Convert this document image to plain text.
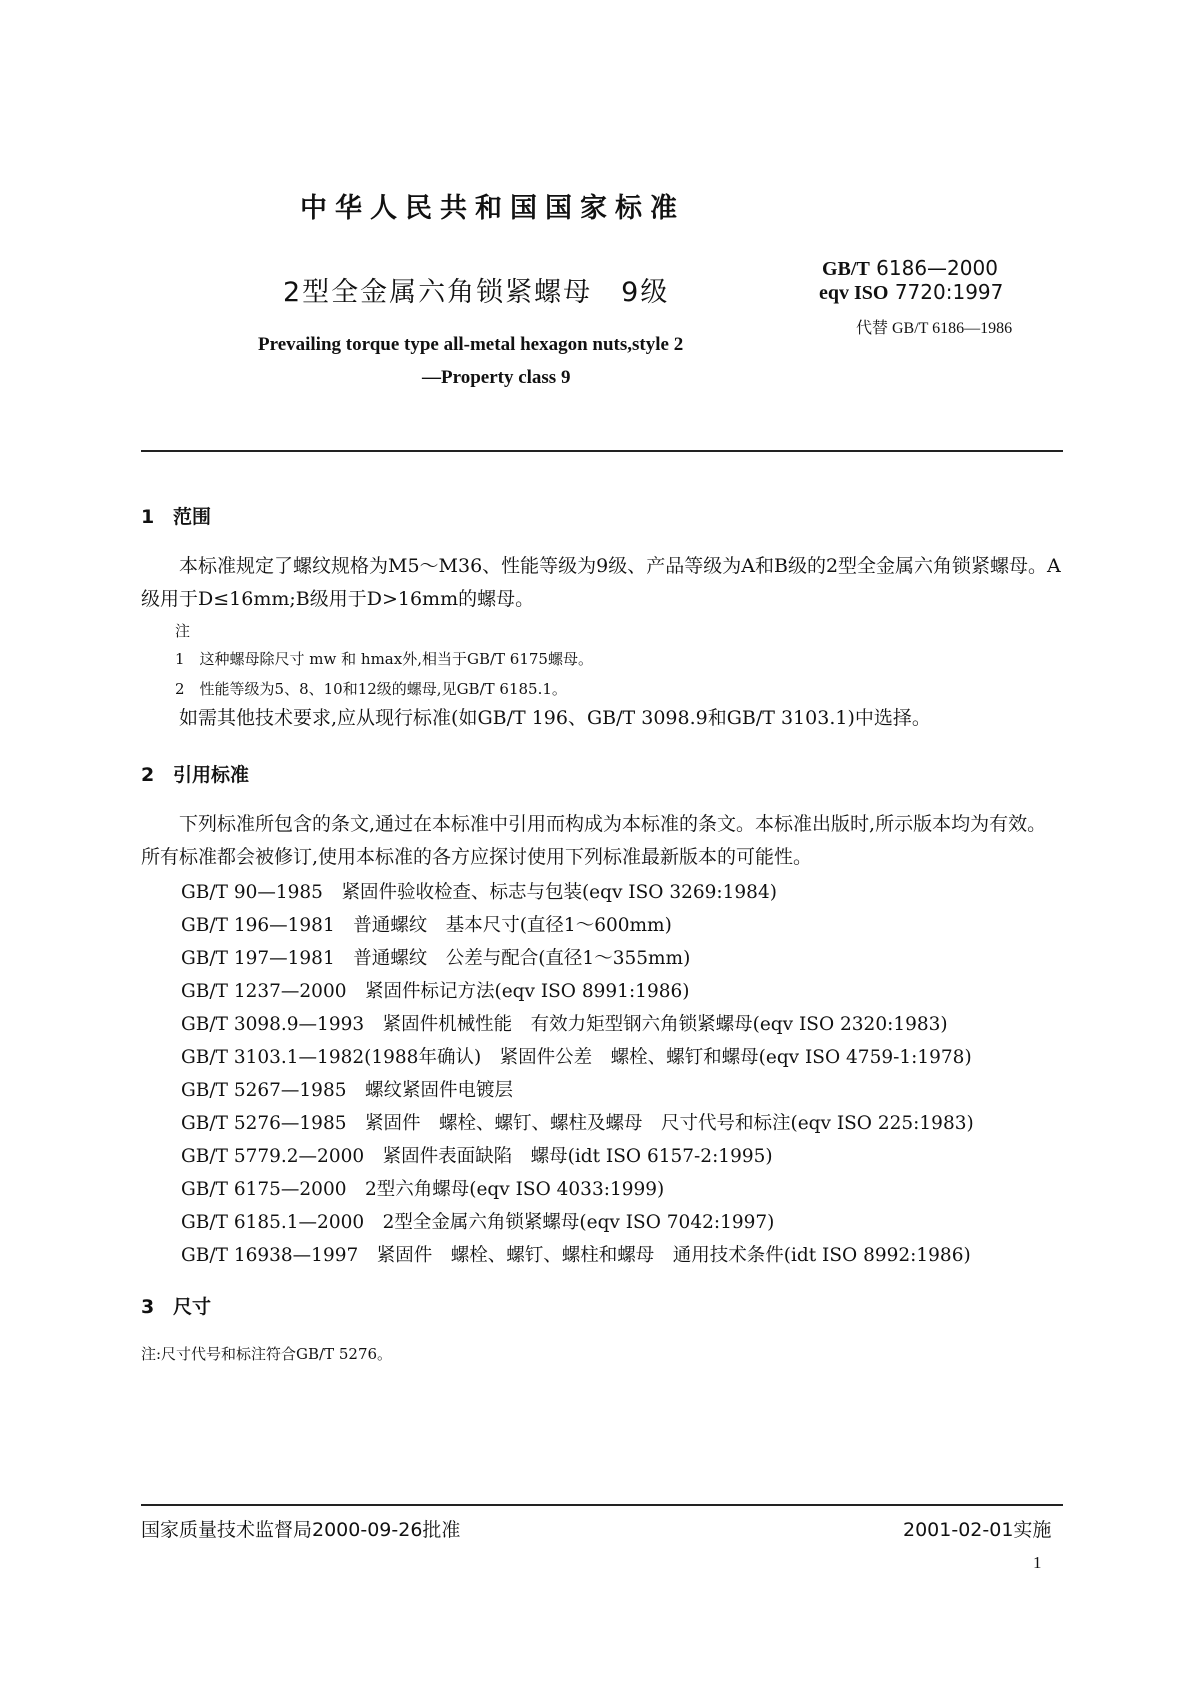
中华人民共和国国家标准
2型全金属六角锁紧螺母　9级
GB/T 6186—2000
eqv ISO 7720:1997
代替 GB/T 6186—1986
Prevailing torque type all-metal hexagon nuts,style 2
—Property class 9
1 范围
本标准规定了螺纹规格为M5～M36、性能等级为9级、产品等级为A和B级的2型全金属六角锁紧螺母。A级用于D≤16mm;B级用于D>16mm的螺母。
注
1　这种螺母除尺寸 mw 和 hmax外,相当于GB/T 6175螺母。
2　性能等级为5、8、10和12级的螺母,见GB/T 6185.1。
如需其他技术要求,应从现行标准(如GB/T 196、GB/T 3098.9和GB/T 3103.1)中选择。
2 引用标准
下列标准所包含的条文,通过在本标准中引用而构成为本标准的条文。本标准出版时,所示版本均为有效。所有标准都会被修订,使用本标准的各方应探讨使用下列标准最新版本的可能性。
GB/T 90—1985　紧固件验收检查、标志与包装(eqv ISO 3269:1984)
GB/T 196—1981　普通螺纹　基本尺寸(直径1～600mm)
GB/T 197—1981　普通螺纹　公差与配合(直径1～355mm)
GB/T 1237—2000　紧固件标记方法(eqv ISO 8991:1986)
GB/T 3098.9—1993　紧固件机械性能　有效力矩型钢六角锁紧螺母(eqv ISO 2320:1983)
GB/T 3103.1—1982(1988年确认)　紧固件公差　螺栓、螺钉和螺母(eqv ISO 4759-1:1978)
GB/T 5267—1985　螺纹紧固件电镀层
GB/T 5276—1985　紧固件　螺栓、螺钉、螺柱及螺母　尺寸代号和标注(eqv ISO 225:1983)
GB/T 5779.2—2000　紧固件表面缺陷　螺母(idt ISO 6157-2:1995)
GB/T 6175—2000　2型六角螺母(eqv ISO 4033:1999)
GB/T 6185.1—2000　2型全金属六角锁紧螺母(eqv ISO 7042:1997)
GB/T 16938—1997　紧固件　螺栓、螺钉、螺柱和螺母　通用技术条件(idt ISO 8992:1986)
3 尺寸
注:尺寸代号和标注符合GB/T 5276。
国家质量技术监督局2000-09-26批准	2001-02-01实施
1
